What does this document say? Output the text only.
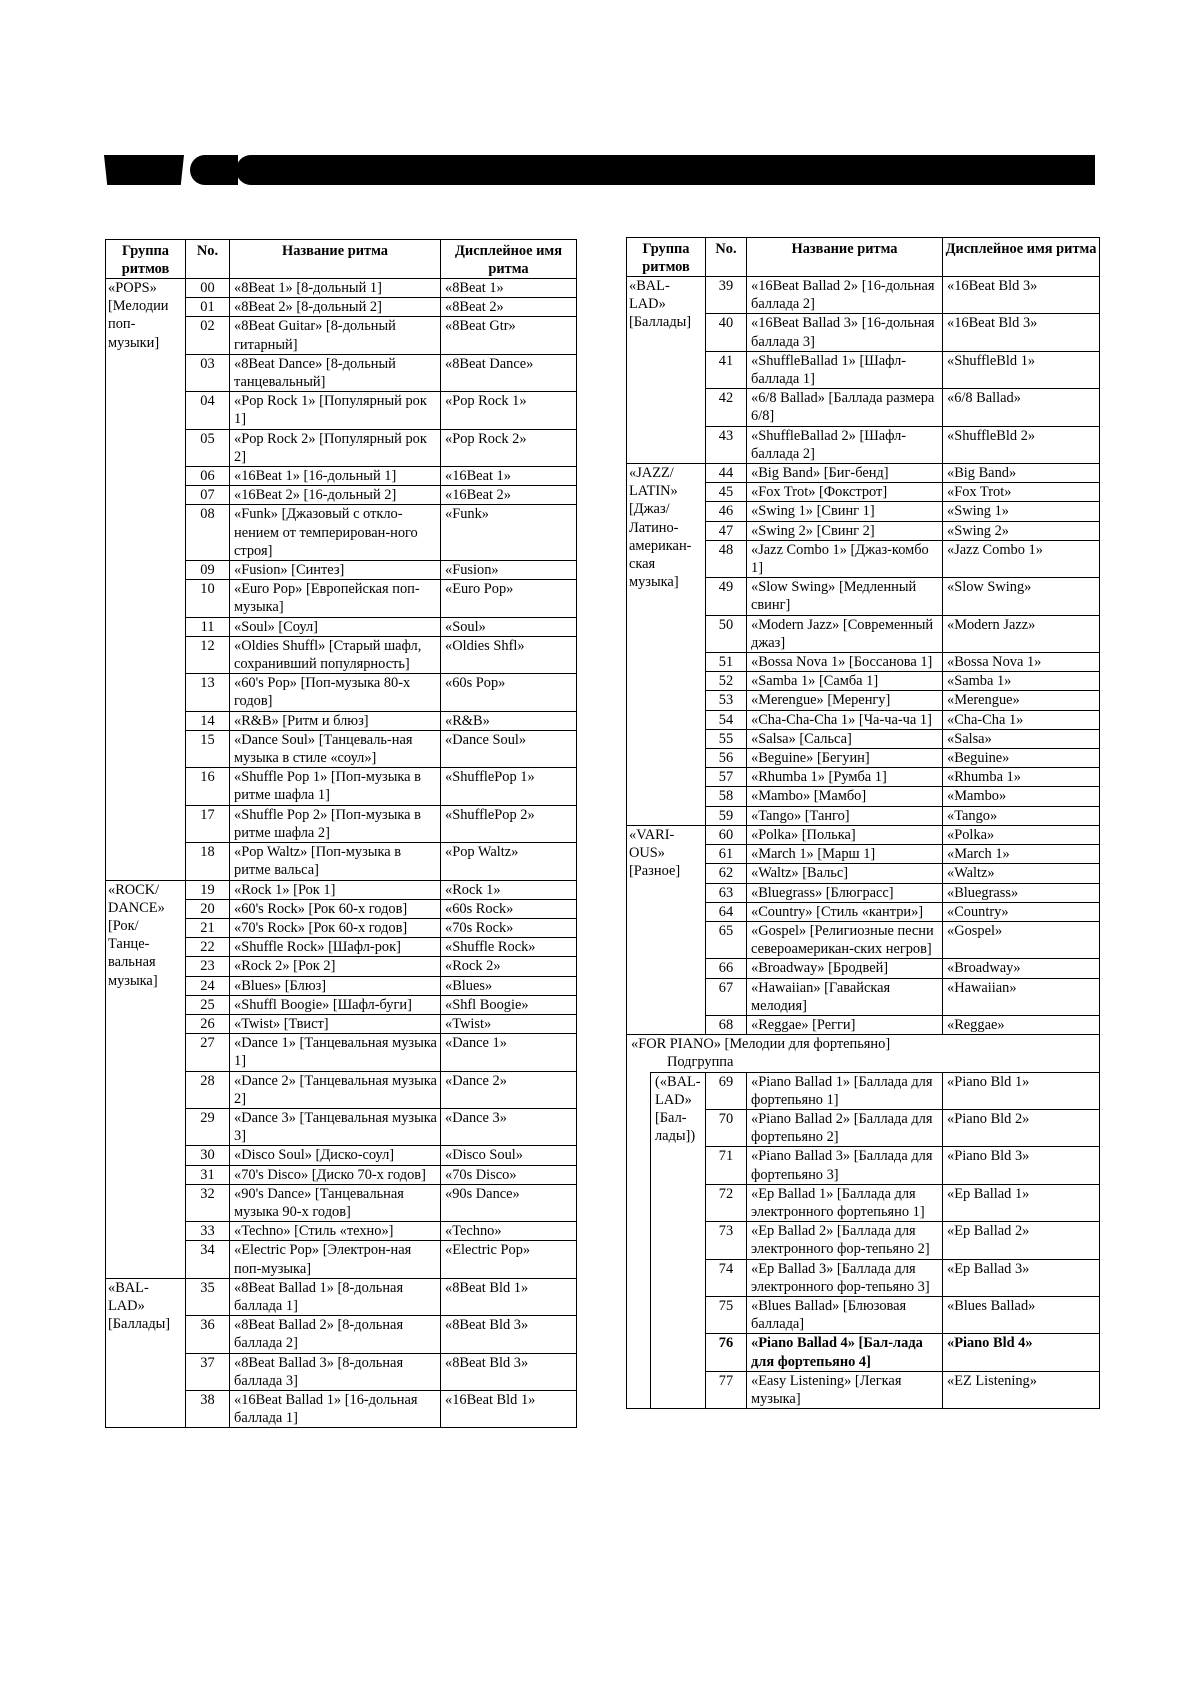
Группа ритмов	No.	Название ритма	Дисплейное имя ритма
«POPS» [Мелодии поп-музыки]	00	«8Beat 1» [8-дольный 1]	«8Beat 1»
	01	«8Beat 2» [8-дольный 2]	«8Beat 2»
	02	«8Beat Guitar» [8-дольный гитарный]	«8Beat Gtr»
	03	«8Beat Dance» [8-дольный танцевальный]	«8Beat Dance»
	04	«Pop Rock 1» [Популярный рок 1]	«Pop Rock 1»
	05	«Pop Rock 2» [Популярный рок 2]	«Pop Rock 2»
	06	«16Beat 1» [16-дольный 1]	«16Beat 1»
	07	«16Beat 2» [16-дольный 2]	«16Beat 2»
	08	«Funk» [Джазовый с откло-нением от темперирован-ного строя]	«Funk»
	09	«Fusion» [Синтез]	«Fusion»
	10	«Euro Pop» [Европейская поп-музыка]	«Euro Pop»
	11	«Soul» [Соул]	«Soul»
	12	«Oldies Shuffl» [Старый шафл, сохранивший популярность]	«Oldies Shfl»
	13	«60's Pop» [Поп-музыка 80-х годов]	«60s Pop»
	14	«R&B» [Ритм и блюз]	«R&B»
	15	«Dance Soul» [Танцеваль-ная музыка в стиле «соул»]	«Dance Soul»
	16	«Shuffle Pop 1» [Поп-музыка в ритме шафла 1]	«ShufflePop 1»
	17	«Shuffle Pop 2» [Поп-музыка в ритме шафла 2]	«ShufflePop 2»
	18	«Pop Waltz» [Поп-музыка в ритме вальса]	«Pop Waltz»
«ROCK/ DANCE» [Рок/ Танце-вальная музыка]	19	«Rock 1» [Рок 1]	«Rock 1»
	20	«60's Rock» [Рок 60-х годов]	«60s Rock»
	21	«70's Rock» [Рок 60-х годов]	«70s Rock»
	22	«Shuffle Rock» [Шафл-рок]	«Shuffle Rock»
	23	«Rock 2» [Рок 2]	«Rock 2»
	24	«Blues» [Блюз]	«Blues»
	25	«Shuffl Boogie» [Шафл-буги]	«Shfl Boogie»
	26	«Twist» [Твист]	«Twist»
	27	«Dance 1» [Танцевальная музыка 1]	«Dance 1»
	28	«Dance 2» [Танцевальная музыка 2]	«Dance 2»
	29	«Dance 3» [Танцевальная музыка 3]	«Dance 3»
	30	«Disco Soul» [Диско-соул]	«Disco Soul»
	31	«70's Disco» [Диско 70-х годов]	«70s Disco»
	32	«90's Dance» [Танцевальная музыка 90-х годов]	«90s Dance»
	33	«Techno» [Стиль «техно»]	«Techno»
	34	«Electric Pop» [Электрон-ная поп-музыка]	«Electric Pop»
«BAL-LAD» [Баллады]	35	«8Beat Ballad 1» [8-дольная баллада 1]	«8Beat Bld 1»
	36	«8Beat Ballad 2» [8-дольная баллада 2]	«8Beat Bld 3»
	37	«8Beat Ballad 3» [8-дольная баллада 3]	«8Beat Bld 3»
	38	«16Beat Ballad 1» [16-дольная баллада 1]	«16Beat Bld 1»
Группа ритмов		No.	Название ритма	Дисплейное имя ритма
«BAL-LAD» [Баллады]		39	«16Beat Ballad 2» [16-дольная баллада 2]	«16Beat Bld 3»
		40	«16Beat Ballad 3» [16-дольная баллада 3]	«16Beat Bld 3»
		41	«ShuffleBallad 1» [Шафл-баллада 1]	«ShuffleBld 1»
		42	«6/8 Ballad» [Баллада размера 6/8]	«6/8 Ballad»
		43	«ShuffleBallad 2» [Шафл-баллада 2]	«ShuffleBld 2»
«JAZZ/ LATIN» [Джаз/ Латино-американ-ская музыка]		44	«Big Band» [Биг-бенд]	«Big Band»
		45	«Fox Trot» [Фокстрот]	«Fox Trot»
		46	«Swing 1» [Свинг 1]	«Swing 1»
		47	«Swing 2» [Свинг 2]	«Swing 2»
		48	«Jazz Combo 1» [Джаз-комбо 1]	«Jazz Combo 1»
		49	«Slow Swing» [Медленный свинг]	«Slow Swing»
		50	«Modern Jazz» [Современный джаз]	«Modern Jazz»
		51	«Bossa Nova 1» [Боссанова 1]	«Bossa Nova 1»
		52	«Samba 1» [Самба 1]	«Samba 1»
		53	«Merengue» [Меренгу]	«Merengue»
		54	«Cha-Cha-Cha 1» [Ча-ча-ча 1]	«Cha-Cha 1»
		55	«Salsa» [Сальса]	«Salsa»
		56	«Beguine» [Бегуин]	«Beguine»
		57	«Rhumba 1» [Румба 1]	«Rhumba 1»
		58	«Mambo» [Мамбо]	«Mambo»
		59	«Tango» [Танго]	«Tango»
«VARI-OUS» [Разное]		60	«Polka» [Полька]	«Polka»
		61	«March 1» [Марш 1]	«March 1»
		62	«Waltz» [Вальс]	«Waltz»
		63	«Bluegrass» [Блюграсс]	«Bluegrass»
		64	«Country» [Стиль «кантри»]	«Country»
		65	«Gospel» [Религиозные песни североамерикан-ских негров]	«Gospel»
		66	«Broadway» [Бродвей]	«Broadway»
		67	«Hawaiian» [Гавайская мелодия]	«Hawaiian»
		68	«Reggae» [Регги]	«Reggae»

«FOR PIANO» [Мелодии для фортепьяно]
Подгруппа				

	(«BAL-LAD» [Бал-лады])	69	«Piano Ballad 1» [Баллада для фортепьяно 1]	«Piano Bld 1»
		70	«Piano Ballad 2» [Баллада для фортепьяно 2]	«Piano Bld 2»
		71	«Piano Ballad 3» [Баллада для фортепьяно 3]	«Piano Bld 3»
		72	«Ep Ballad 1» [Баллада для электронного фортепьяно 1]	«Ep Ballad 1»
		73	«Ep Ballad 2» [Баллада для электронного фор-тепьяно 2]	«Ep Ballad 2»
		74	«Ep Ballad 3» [Баллада для электронного фор-тепьяно 3]	«Ep Ballad 3»
		75	«Blues Ballad» [Блюзовая баллада]	«Blues Ballad»
		76	«Piano Ballad 4» [Бал-лада для фортепьяно 4]	«Piano Bld 4»
		77	«Easy Listening» [Легкая музыка]	«EZ Listening»
